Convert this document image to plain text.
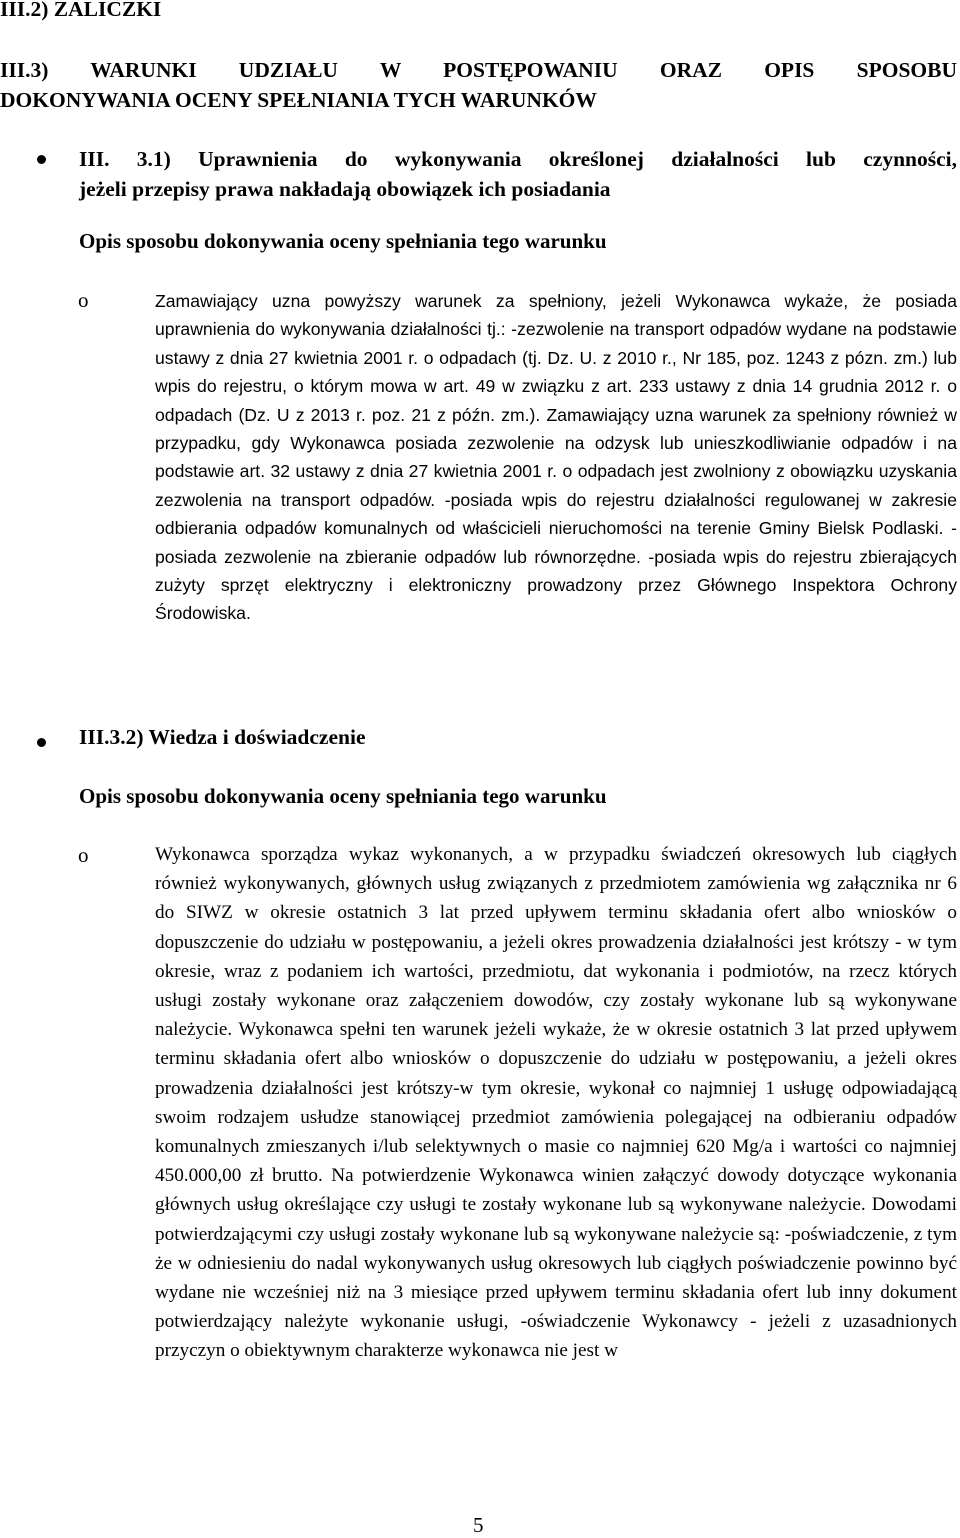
III.2) ZALICZKI
III.3) WARUNKI UDZIAŁU W POSTĘPOWANIU ORAZ OPIS SPOSOBU
DOKONYWANIA OCENY SPEŁNIANIA TYCH WARUNKÓW
III. 3.1) Uprawnienia do wykonywania określonej działalności lub czynności,
jeżeli przepisy prawa nakładają obowiązek ich posiadania
Opis sposobu dokonywania oceny spełniania tego warunku
o	Zamawiający uzna powyższy warunek za spełniony, jeżeli Wykonawca wykaże, że posiada uprawnienia do wykonywania działalności tj.: -zezwolenie na transport odpadów wydane na podstawie ustawy z dnia 27 kwietnia 2001 r. o odpadach (tj. Dz. U. z 2010 r., Nr 185, poz. 1243 z pózn. zm.) lub wpis do rejestru, o którym mowa w art. 49 w związku z art. 233 ustawy z dnia 14 grudnia 2012 r. o odpadach (Dz. U z 2013 r. poz. 21 z późn. zm.). Zamawiający uzna warunek za spełniony również w przypadku, gdy Wykonawca posiada zezwolenie na odzysk lub unieszkodliwianie odpadów i na podstawie art. 32 ustawy z dnia 27 kwietnia 2001 r. o odpadach jest zwolniony z obowiązku uzyskania zezwolenia na transport odpadów. -posiada wpis do rejestru działalności regulowanej w zakresie odbierania odpadów komunalnych od właścicieli nieruchomości na terenie Gminy Bielsk Podlaski. -posiada zezwolenie na zbieranie odpadów lub równorzędne. -posiada wpis do rejestru zbierających zużyty sprzęt elektryczny i elektroniczny prowadzony przez Głównego Inspektora Ochrony Środowiska.
III.3.2) Wiedza i doświadczenie
Opis sposobu dokonywania oceny spełniania tego warunku
o	Wykonawca sporządza wykaz wykonanych, a w przypadku świadczeń okresowych lub ciągłych również wykonywanych, głównych usług związanych z przedmiotem zamówienia wg załącznika nr 6 do SIWZ w okresie ostatnich 3 lat przed upływem terminu składania ofert albo wniosków o dopuszczenie do udziału w postępowaniu, a jeżeli okres prowadzenia działalności jest krótszy - w tym okresie, wraz z podaniem ich wartości, przedmiotu, dat wykonania i podmiotów, na rzecz których usługi zostały wykonane oraz załączeniem dowodów, czy zostały wykonane lub są wykonywane należycie. Wykonawca spełni ten warunek jeżeli wykaże, że w okresie ostatnich 3 lat przed upływem terminu składania ofert albo wniosków o dopuszczenie do udziału w postępowaniu, a jeżeli okres prowadzenia działalności jest krótszy-w tym okresie, wykonał co najmniej 1 usługę odpowiadającą swoim rodzajem usłudze stanowiącej przedmiot zamówienia polegającej na odbieraniu odpadów komunalnych zmieszanych i/lub selektywnych o masie co najmniej 620 Mg/a i wartości co najmniej 450.000,00 zł brutto. Na potwierdzenie Wykonawca winien załączyć dowody dotyczące wykonania głównych usług określające czy usługi te zostały wykonane lub są wykonywane należycie. Dowodami potwierdzającymi czy usługi zostały wykonane lub są wykonywane należycie są: -poświadczenie, z tym że w odniesieniu do nadal wykonywanych usług okresowych lub ciągłych poświadczenie powinno być wydane nie wcześniej niż na 3 miesiące przed upływem terminu składania ofert lub inny dokument potwierdzający należyte wykonanie usługi, -oświadczenie Wykonawcy - jeżeli z uzasadnionych przyczyn o obiektywnym charakterze wykonawca nie jest w
5
